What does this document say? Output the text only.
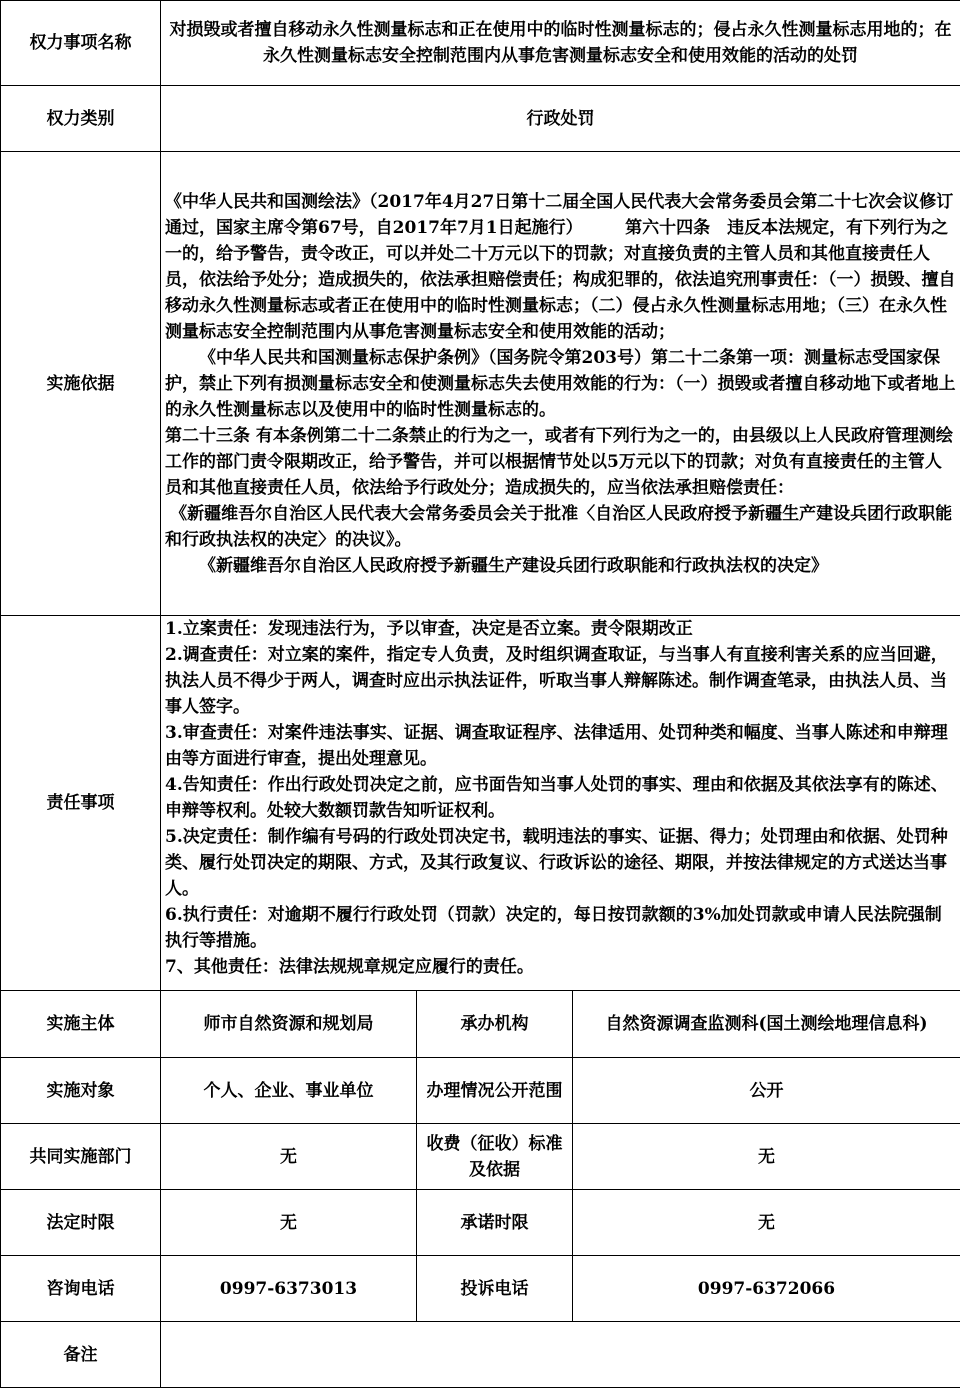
权力事项名称	对损毁或者擅自移动永久性测量标志和正在使用中的临时性测量标志的；侵占永久性测量标志用地的；在永久性测量标志安全控制范围内从事危害测量标志安全和使用效能的活动的处罚		
权力类别	行政处罚		
实施依据	《中华人民共和国测绘法》（2017年4月27日第十二届全国人民代表大会常务委员会第二十七次会议修订通过，国家主席令第67号，自2017年7月1日起施行）　　　第六十四条　违反本法规定，有下列行为之一的，给予警告，责令改正，可以并处二十万元以下的罚款；对直接负责的主管人员和其他直接责任人员，依法给予处分；造成损失的，依法承担赔偿责任；构成犯罪的，依法追究刑事责任：（一）损毁、擅自移动永久性测量标志或者正在使用中的临时性测量标志；（二）侵占永久性测量标志用地；（三）在永久性测量标志安全控制范围内从事危害测量标志安全和使用效能的活动；
《中华人民共和国测量标志保护条例》（国务院令第203号）第二十二条第一项：测量标志受国家保护，禁止下列有损测量标志安全和使测量标志失去使用效能的行为：（一）损毁或者擅自移动地下或者地上的永久性测量标志以及使用中的临时性测量标志的。
第二十三条 有本条例第二十二条禁止的行为之一，或者有下列行为之一的，由县级以上人民政府管理测绘工作的部门责令限期改正，给予警告，并可以根据情节处以5万元以下的罚款；对负有直接责任的主管人员和其他直接责任人员，依法给予行政处分；造成损失的，应当依法承担赔偿责任：
《新疆维吾尔自治区人民代表大会常务委员会关于批准〈自治区人民政府授予新疆生产建设兵团行政职能和行政执法权的决定〉的决议》。
《新疆维吾尔自治区人民政府授予新疆生产建设兵团行政职能和行政执法权的决定》		

责任事项	
1.立案责任：发现违法行为，予以审查，决定是否立案。责令限期改正
2.调查责任：对立案的案件，指定专人负责，及时组织调查取证，与当事人有直接利害关系的应当回避，执法人员不得少于两人，调查时应出示执法证件，听取当事人辩解陈述。制作调查笔录，由执法人员、当事人签字。
3.审查责任：对案件违法事实、证据、调查取证程序、法律适用、处罚种类和幅度、当事人陈述和申辩理由等方面进行审查，提出处理意见。
4.告知责任：作出行政处罚决定之前，应书面告知当事人处罚的事实、理由和依据及其依法享有的陈述、申辩等权利。处较大数额罚款告知听证权利。
5.决定责任：制作编有号码的行政处罚决定书，载明违法的事实、证据、得力；处罚理由和依据、处罚种类、履行处罚决定的期限、方式，及其行政复议、行政诉讼的途径、期限，并按法律规定的方式送达当事人。
6.执行责任：对逾期不履行行政处罚（罚款）决定的，每日按罚款额的3%加处罚款或申请人民法院强制执行等措施。
7、其他责任：法律法规规章规定应履行的责任。

实施主体	师市自然资源和规划局	承办机构	自然资源调查监测科(国土测绘地理信息科)
实施对象	个人、企业、事业单位	办理情况公开范围	公开
共同实施部门	无	收费（征收）标准及依据	无
法定时限	无	承诺时限	无
咨询电话	0997-6373013	投诉电话	0997-6372066
备注			
